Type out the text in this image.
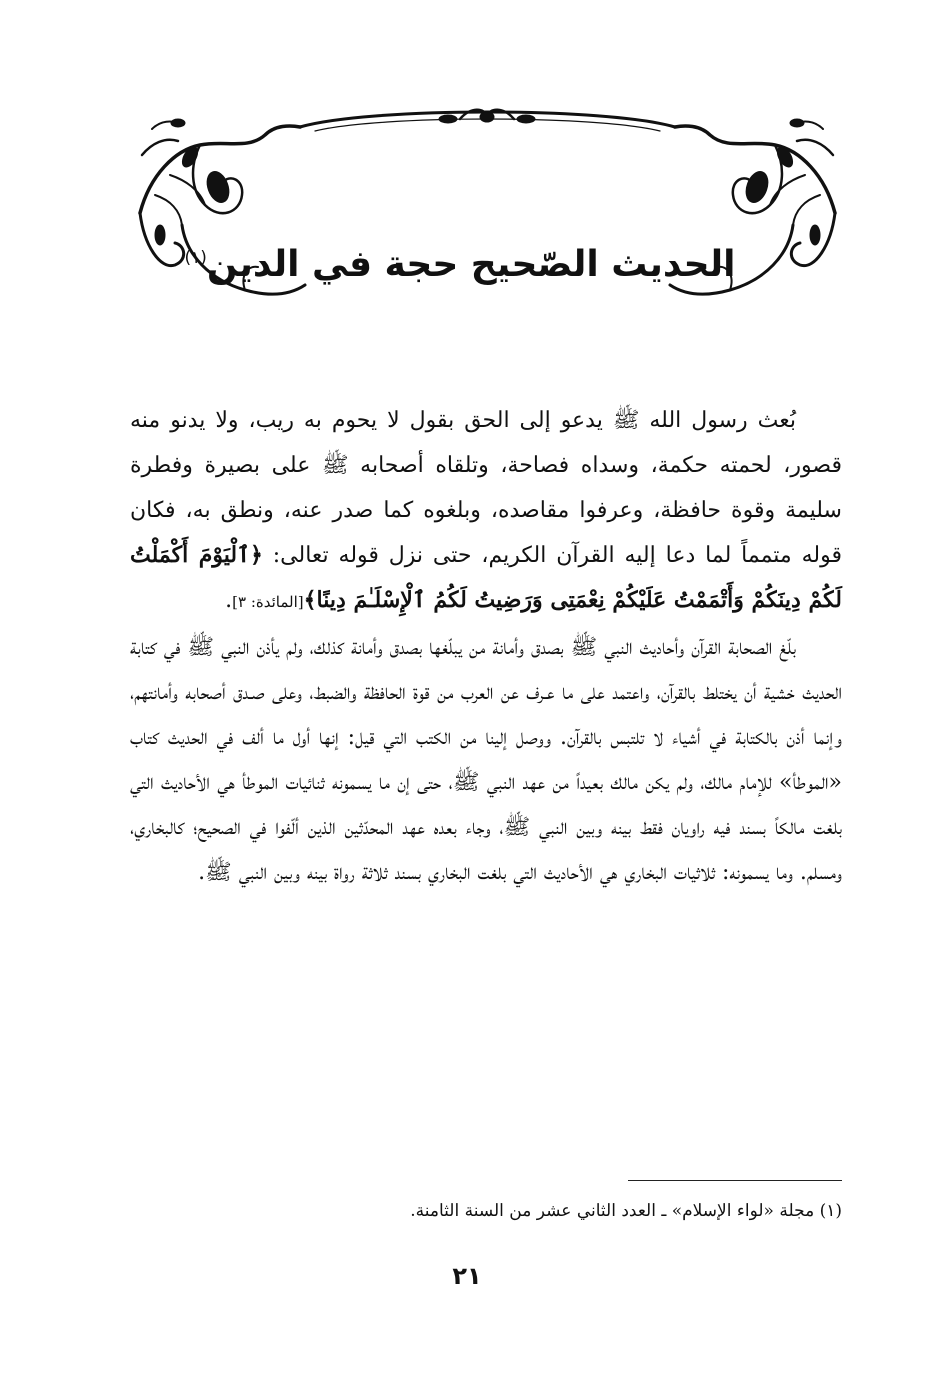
الحديث الصّحيح حجة في الدين$^{(١)}$

بُعث رسول الله ﷺ يدعو إلى الحق بقول لا يحوم به ريب، ولا يدنو منه قصور، لحمته حكمة، وسداه فصاحة، وتلقاه أصحابه ﷺ على بصيرة وفطرة سليمة وقوة حافظة، وعرفوا مقاصده، وبلغوه كما صدر عنه، ونطق به، فكان قوله متمماً لما دعا إليه القرآن الكريم، حتى نزل قوله تعالى: ﴿ٱلْيَوْمَ أَكْمَلْتُ لَكُمْ دِينَكُمْ وَأَتْمَمْتُ عَلَيْكُمْ نِعْمَتِى وَرَضِيتُ لَكُمُ ٱلْإِسْلَـٰمَ دِينًا﴾[المائدة: ٣].

بلّغ الصحابة القرآن وأحاديث النبي ﷺ بصدق وأمانة من يبلّغها بصدق وأمانة كذلك، ولم يأذن النبي ﷺ في كتابة الحديث خشية أن يختلط بالقرآن، واعتمد على ما عـرف عن العرب من قوة الحافظة والضبط، وعلى صـدق أصحابه وأمانتهم، وإنما أذن بالكتابة في أشياء لا تلتبس بالقرآن. ووصل إلينا من الكتب التي قيل: إنها أول ما ألف في الحديث كتاب «الموطأ» للإمام مالك، ولم يكن مالك بعيداً من عهد النبي ﷺ، حتى إن ما يسمونه ثنائيات الموطأ هي الأحاديث التي بلغت مالكاً بسند فيه راويان فقط بينه وبين النبي ﷺ، وجاء بعده عهد المحدّثين الذين ألّفوا في الصحيح؛ كالبخاري، ومسلم. وما يسمونه: ثلاثيات البخاري هي الأحاديث التي بلغت البخاري بسند ثلاثة رواة بينه وبين النبي ﷺ.

(١) مجلة «لواء الإسلام» ـ العدد الثاني عشر من السنة الثامنة.
٢١
